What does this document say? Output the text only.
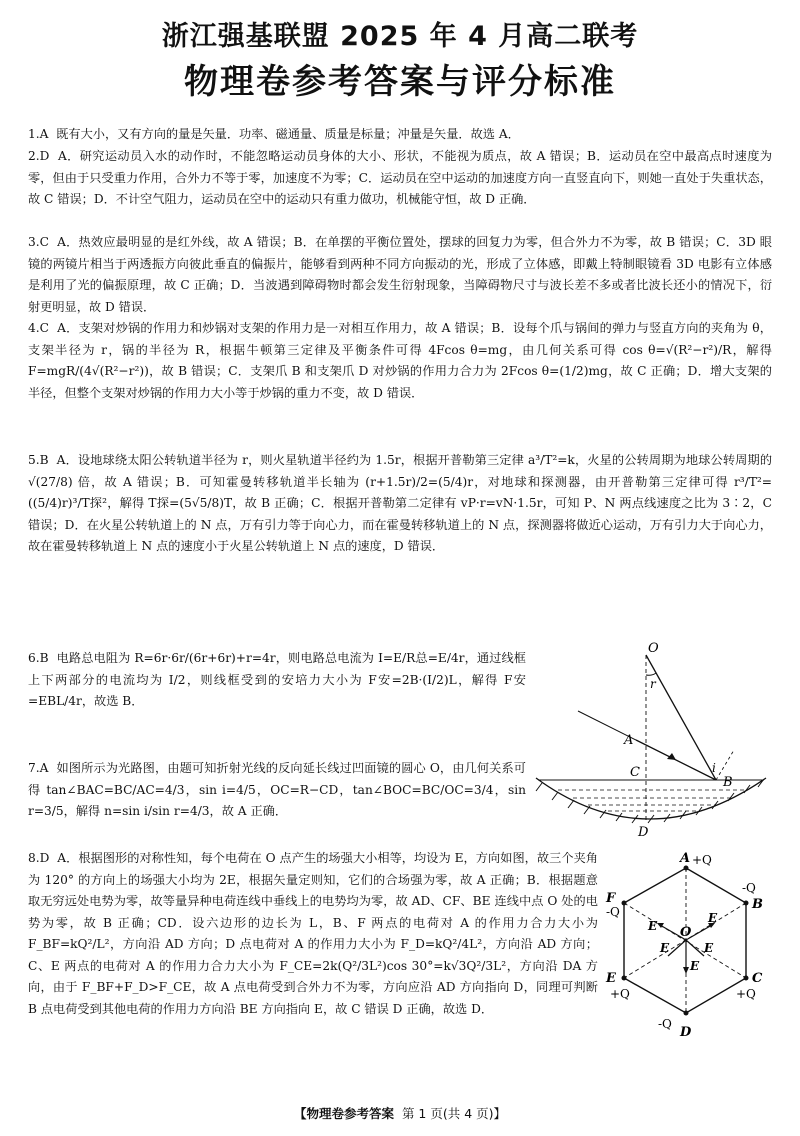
浙江强基联盟 2025 年 4 月高二联考
物理卷参考答案与评分标准
1.A 既有大小，又有方向的量是矢量．功率、磁通量、质量是标量；冲量是矢量．故选 A．
2.D A．研究运动员入水的动作时，不能忽略运动员身体的大小、形状，不能视为质点，故 A 错误；B．运动员在空中最高点时速度为零，但由于只受重力作用，合外力不等于零，加速度不为零；C．运动员在空中运动的加速度方向一直竖直向下，则她一直处于失重状态，故 C 错误；D．不计空气阻力，运动员在空中的运动只有重力做功，机械能守恒，故 D 正确．
3.C A．热效应最明显的是红外线，故 A 错误；B．在单摆的平衡位置处，摆球的回复力为零，但合外力不为零，故 B 错误；C．3D 眼镜的两镜片相当于两透振方向彼此垂直的偏振片，能够看到两种不同方向振动的光，形成了立体感，即戴上特制眼镜看 3D 电影有立体感是利用了光的偏振原理，故 C 正确；D．当波遇到障碍物时都会发生衍射现象，当障碍物尺寸与波长差不多或者比波长还小的情况下，衍射更明显，故 D 错误．
4.C A．支架对炒锅的作用力和炒锅对支架的作用力是一对相互作用力，故 A 错误；B．设每个爪与锅间的弹力与竖直方向的夹角为 θ，支架半径为 r，锅的半径为 R，根据牛顿第三定律及平衡条件可得 4Fcos θ=mg，由几何关系可得 cos θ=√(R²−r²)/R，解得 F=mgR/(4√(R²−r²))，故 B 错误；C．支架爪 B 和支架爪 D 对炒锅的作用力合力为 2Fcos θ=(1/2)mg，故 C 正确；D．增大支架的半径，但整个支架对炒锅的作用力大小等于炒锅的重力不变，故 D 错误．
5.B A．设地球绕太阳公转轨道半径为 r，则火星轨道半径约为 1.5r，根据开普勒第三定律 a³/T²=k，火星的公转周期为地球公转周期的 √(27/8) 倍，故 A 错误；B．可知霍曼转移轨道半长轴为 (r+1.5r)/2=(5/4)r，对地球和探测器，由开普勒第三定律可得 r³/T²=((5/4)r)³/T探²，解得 T探=(5√5/8)T，故 B 正确；C．根据开普勒第二定律有 vP·r=vN·1.5r，可知 P、N 两点线速度之比为 3∶2，C 错误；D．在火星公转轨道上的 N 点，万有引力等于向心力，而在霍曼转移轨道上的 N 点，探测器将做近心运动，万有引力大于向心力，故在霍曼转移轨道上 N 点的速度小于火星公转轨道上 N 点的速度，D 错误．
6.B 电路总电阻为 R=6r·6r/(6r+6r)+r=4r，则电路总电流为 I=E/R总=E/4r，通过线框上下两部分的电流均为 I/2，则线框受到的安培力大小为 F安=2B·(I/2)L，解得 F安=EBL/4r，故选 B．
7.A 如图所示为光路图，由题可知折射光线的反向延长线过凹面镜的圆心 O，由几何关系可得 tan∠BAC=BC/AC=4/3，sin i=4/5，OC=R−CD，tan∠BOC=BC/OC=3/4，sin r=3/5，解得 n=sin i/sin r=4/3，故 A 正确．
8.D A．根据图形的对称性知，每个电荷在 O 点产生的场强大小相等，均设为 E，方向如图，故三个夹角为 120° 的方向上的场强大小均为 2E，根据矢量定则知，它们的合场强为零，故 A 正确；B．根据题意取无穷远处电势为零，故等量异种电荷连线中垂线上的电势均为零，故 AD、CF、BE 连线中点 O 处的电势为零，故 B 正确；CD．设六边形的边长为 L，B、F 两点的电荷对 A 的作用力合力大小为 F_BF=kQ²/L²，方向沿 AD 方向；D 点电荷对 A 的作用力大小为 F_D=kQ²/4L²，方向沿 AD 方向；C、E 两点的电荷对 A 的作用力合力大小为 F_CE=2k(Q²/3L²)cos 30°=k√3Q²/3L²，方向沿 DA 方向，由于 F_BF+F_D>F_CE，故 A 点电荷受到合外力不为零，方向应沿 AD 方向指向 D，同理可判断 B 点电荷受到其他电荷的作用力方向沿 BE 方向指向 E，故 C 错误 D 正确，故选 D．
O
r
A
i
B
C
D
A +Q
-Q
B
C
+Q
-Q
D
E
+Q
F
-Q
O
E
E
E	E
E
【物理卷参考答案 第 1 页(共 4 页)】
